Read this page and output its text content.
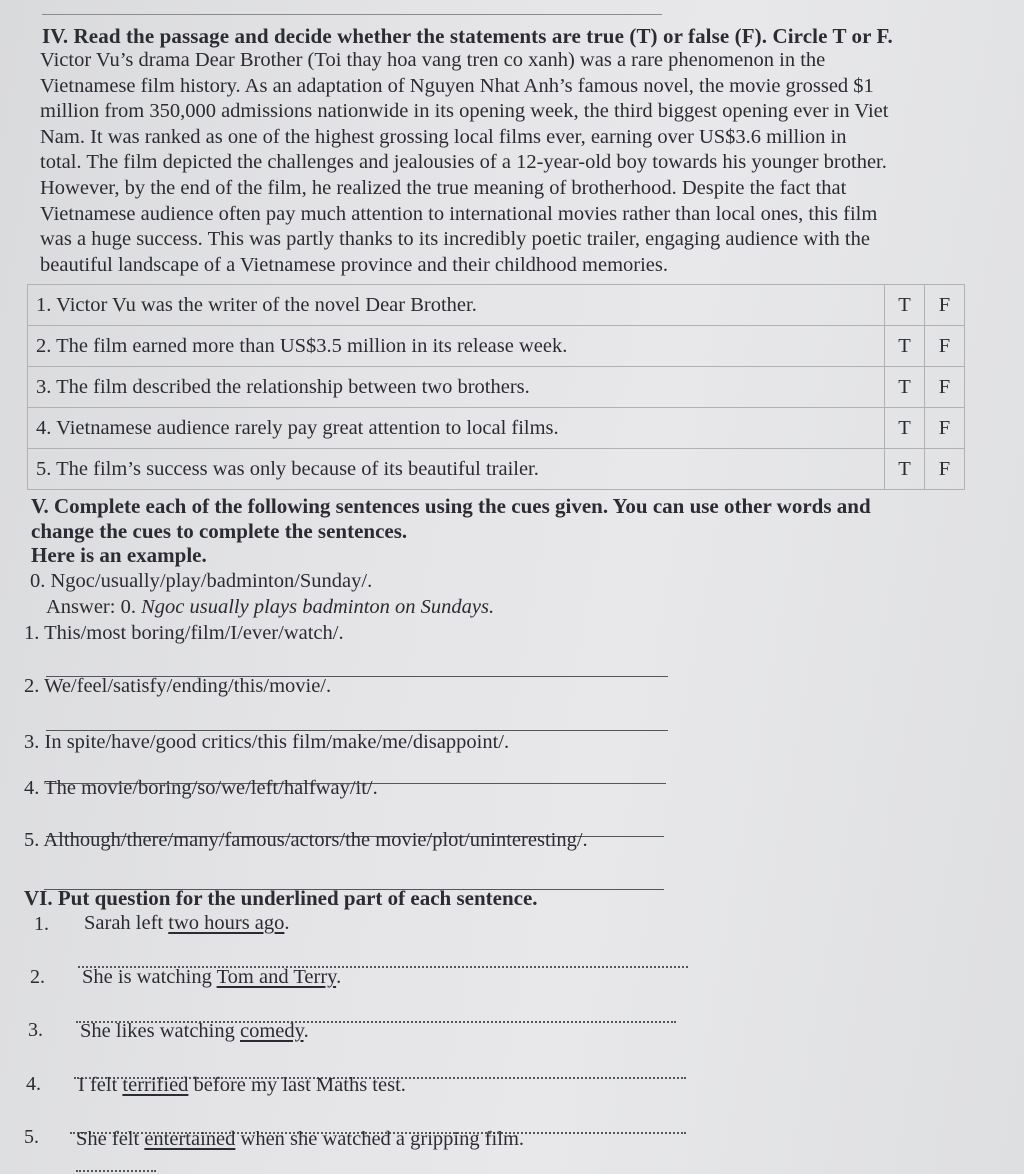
IV. Read the passage and decide whether the statements are true (T) or false (F). Circle T or F.
Victor Vu’s drama Dear Brother (Toi thay hoa vang tren co xanh) was a rare phenomenon in the
Vietnamese film history. As an adaptation of Nguyen Nhat Anh’s famous novel, the movie grossed $1
million from 350,000 admissions nationwide in its opening week, the third biggest opening ever in Viet
Nam. It was ranked as one of the highest grossing local films ever, earning over US$3.6 million in
total. The film depicted the challenges and jealousies of a 12-year-old boy towards his younger brother.
However, by the end of the film, he realized the true meaning of brotherhood. Despite the fact that
Vietnamese audience often pay much attention to international movies rather than local ones, this film
was a huge success. This was partly thanks to its incredibly poetic trailer, engaging audience with the
beautiful landscape of a Vietnamese province and their childhood memories.
1. Victor Vu was the writer of the novel Dear Brother.	T	F
2. The film earned more than US$3.5 million in its release week.	T	F
3. The film described the relationship between two brothers.	T	F
4. Vietnamese audience rarely pay great attention to local films.	T	F
5. The film’s success was only because of its beautiful trailer.	T	F
V. Complete each of the following sentences using the cues given. You can use other words and
change the cues to complete the sentences.
Here is an example.
0. Ngoc/usually/play/badminton/Sunday/.
Answer: 0. Ngoc usually plays badminton on Sundays.
1. This/most boring/film/I/ever/watch/.
2. We/feel/satisfy/ending/this/movie/.
3. In spite/have/good critics/this film/make/me/disappoint/.
4. The movie/boring/so/we/left/halfway/it/.
5. Although/there/many/famous/actors/the movie/plot/uninteresting/.
VI. Put question for the underlined part of each sentence.
1. Sarah left two hours ago.
2. She is watching Tom and Terry.
3. She likes watching comedy.
4. I felt terrified before my last Maths test.
5. She felt entertained when she watched a gripping film.
